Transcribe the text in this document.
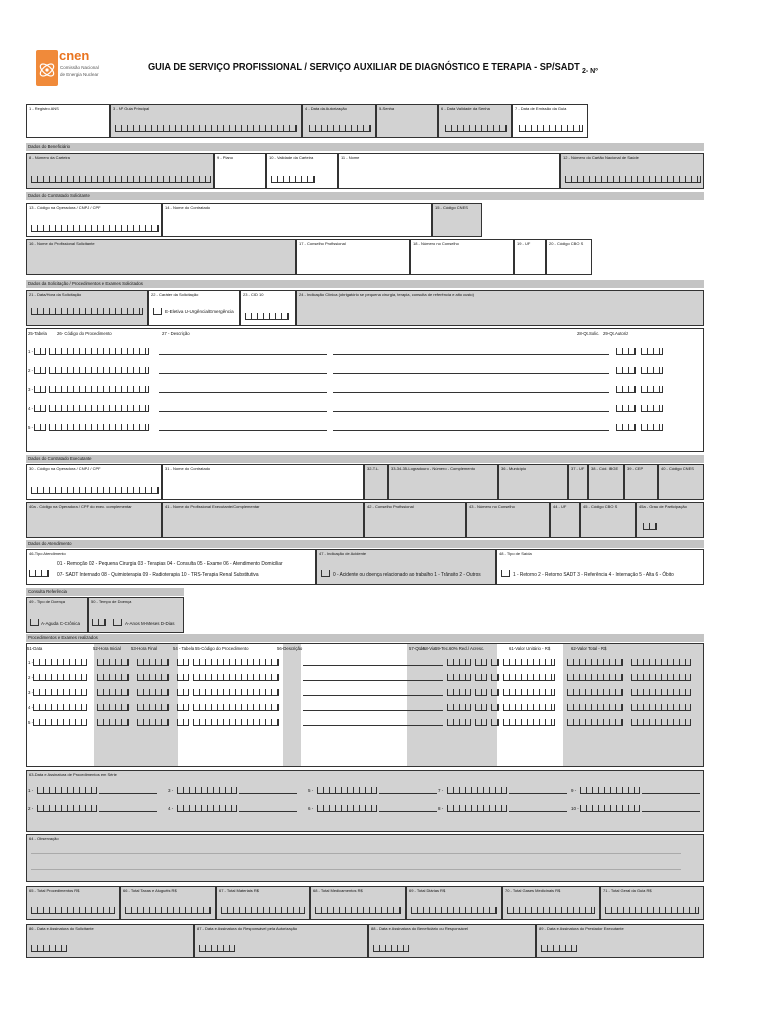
cnen
Comissão Nacional
de Energia Nuclear
GUIA DE SERVIÇO PROFISSIONAL / SERVIÇO AUXILIAR DE DIAGNÓSTICO E TERAPIA - SP/SADT 2- Nº
1 - Registro ANS	3 - Nº Guia Principal	4 - Data da Autorização	5-Senha	6 - Data Validade da Senha	7 - Data de Emissão da Guia
Dados do Beneficiário
8 - Número da Carteira	9 - Plano	10 - Validade da Carteira	11 - Nome	12 - Número do Cartão Nacional de Saúde
Dados do Contratado Solicitante
13 - Código na Operadora / CNPJ / CPF	14 - Nome do Contratado	15 - Código CNES
16 - Nome do Profissional Solicitante	17 - Conselho Profissional	18 - Número no Conselho	19 - UF	20 - Código CBO S
Dados da Solicitação / Procedimentos e Exames Solicitados
21 - Data/Hora da Solicitação	22 - Caráter da Solicitação
E-Eletiva U-Urgência/Emergência
23 - CID 10	24 - Indicação Clínica (obrigatório se pequena cirurgia, terapia, consulta de referência e alto custo)
25-Tabela 26- Código do Procedimento	27 - Descrição	28-Qt.Solic. 29-Qt.Autoriz
1 -
2 -
3 -
4 -
5 -
Dados do Contratado Executante
30 - Código na Operadora / CNPJ / CPF	31 - Nome do Contratado	32-T.L.	33-34-35-Logradouro - Número - Complemento	36 - Município	37 - UF 38 - Cód. IBGE 39 - CEP	40 - Código CNES
40a - Código na Operadora / CPF do exec. complementar	41 - Nome do Profissional Executante/Complementar	42 - Conselho Profissional	43 - Número no Conselho	44 - UF	45 - Código CBO S	45a - Grau de Participação
Dados do Atendimento
46-Tipo Atendimento
01 - Remoção 02 - Pequena Cirurgia 03 - Terapias 04 - Consulta 05 - Exame 06 - Atendimento Domiciliar
07- SADT Internado 08 - Quimioterapia 09 - Radioterapia 10 - TRS-Terapia Renal Substitutiva
47 - Indicação de Acidente
0 - Acidente ou doença relacionado ao trabalho 1 - Trânsito 2 - Outros
48 - Tipo de Saída
1 - Retorno 2 - Retorno SADT 3 - Referência 4 - Internação 5 - Alta 6 - Óbito
Consulta Referência
49 - Tipo de Doença
A-Aguda C-Crônica
50 - Tempo de Doença
A-Anos M-Meses D-Dias
Procedimentos e Exames realizados
51-Data	52-Hora Inicial 53-Hora Final	54 - Tabela 55-Código do Procedimento	56-Descrição	57-Qtde.
58-Via 59-Tec. 60% Red./ Acresc.	61-Valor Unitário - R$	62-Valor Total - R$
1 -
2 -
3 -
4 -
5 -
63-Data e Assinatura de Procedimentos em Série
1 -
2 -
3 -
4 -
5 -
6 -
7 -
8 -
9 -
10 -
64 - Observação
65 - Total Procedimentos R$	66 - Total Taxas e Aluguéis R$	67 - Total Materiais R$	68 - Total Medicamentos R$	69 - Total Diárias R$	70 - Total Gases Medicinais R$	71 - Total Geral da Guia R$
86 - Data e Assinatura do Solicitante	87 - Data e Assinatura do Responsável pela Autorização	88 - Data e Assinatura do Beneficiário ou Responsável	89 - Data e Assinatura do Prestador Executante
